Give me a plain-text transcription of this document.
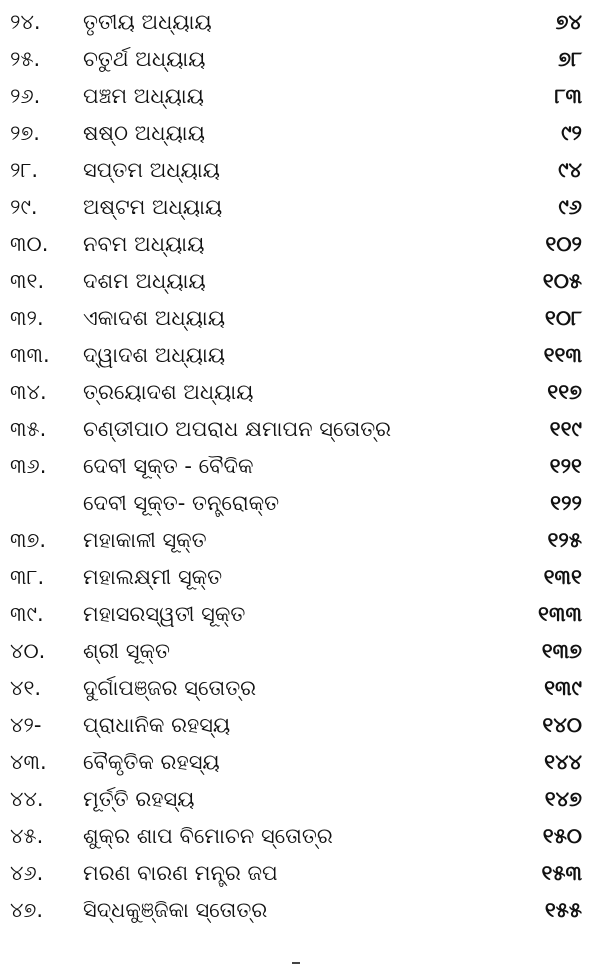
୨୪. ତୃତୀୟ ଅଧ୍ୟାୟ	୭୪
୨୫. ଚତୁର୍ଥ ଅଧ୍ୟାୟ	୭୮
୨୬. ପଞ୍ଚମ ଅଧ୍ୟାୟ	୮୩
୨୭. ଷଷ୍ଠ ଅଧ୍ୟାୟ	୯୨
୨୮. ସପ୍ତମ ଅଧ୍ୟାୟ	୯୪
୨୯. ଅଷ୍ଟମ ଅଧ୍ୟାୟ	୯୬
୩୦. ନବମ ଅଧ୍ୟାୟ	୧୦୨
୩୧. ଦଶମ ଅଧ୍ୟାୟ	୧୦୫
୩୨. ଏକାଦଶ ଅଧ୍ୟାୟ	୧୦୮
୩୩. ଦ୍ୱାଦଶ ଅଧ୍ୟାୟ	୧୧୩
୩୪. ତ୍ରୟୋଦଶ ଅଧ୍ୟାୟ	୧୧୭
୩୫. ଚଣ୍ଡୀପାଠ ଅପରାଧ କ୍ଷମାପନ ସ୍ତୋତ୍ର	୧୧୯
୩୬. ଦେବୀ ସୂକ୍ତ - ବୈଦିକ	୧୨୧
ଦେବୀ ସୂକ୍ତ- ତନ୍ତ୍ରୋକ୍ତ	୧୨୨
୩୭. ମହାକାଳୀ ସୂକ୍ତ	୧୨୫
୩୮. ମହାଲକ୍ଷ୍ମୀ ସୂକ୍ତ	୧୩୧
୩୯. ମହାସରସ୍ୱତୀ ସୂକ୍ତ	୧୩୩
୪୦. ଶ୍ରୀ ସୂକ୍ତ	୧୩୭
୪୧. ଦୁର୍ଗାପଞ୍ଜର ସ୍ତୋତ୍ର	୧୩୯
୪୨- ପ୍ରାଧାନିକ ରହସ୍ୟ	୧୪୦
୪୩. ବୈକୃତିକ ରହସ୍ୟ	୧୪୪
୪୪. ମୂର୍ତ୍ତି ରହସ୍ୟ	୧୪୭
୪୫. ଶୁକ୍ର ଶାପ ବିମୋଚନ ସ୍ତୋତ୍ର	୧୫୦
୪୬. ମରଣ ବାରଣ ମନ୍ତ୍ର ଜପ	୧୫୩
୪୭. ସିଦ୍ଧକୁଞ୍ଜିକା ସ୍ତୋତ୍ର	୧୫୫
